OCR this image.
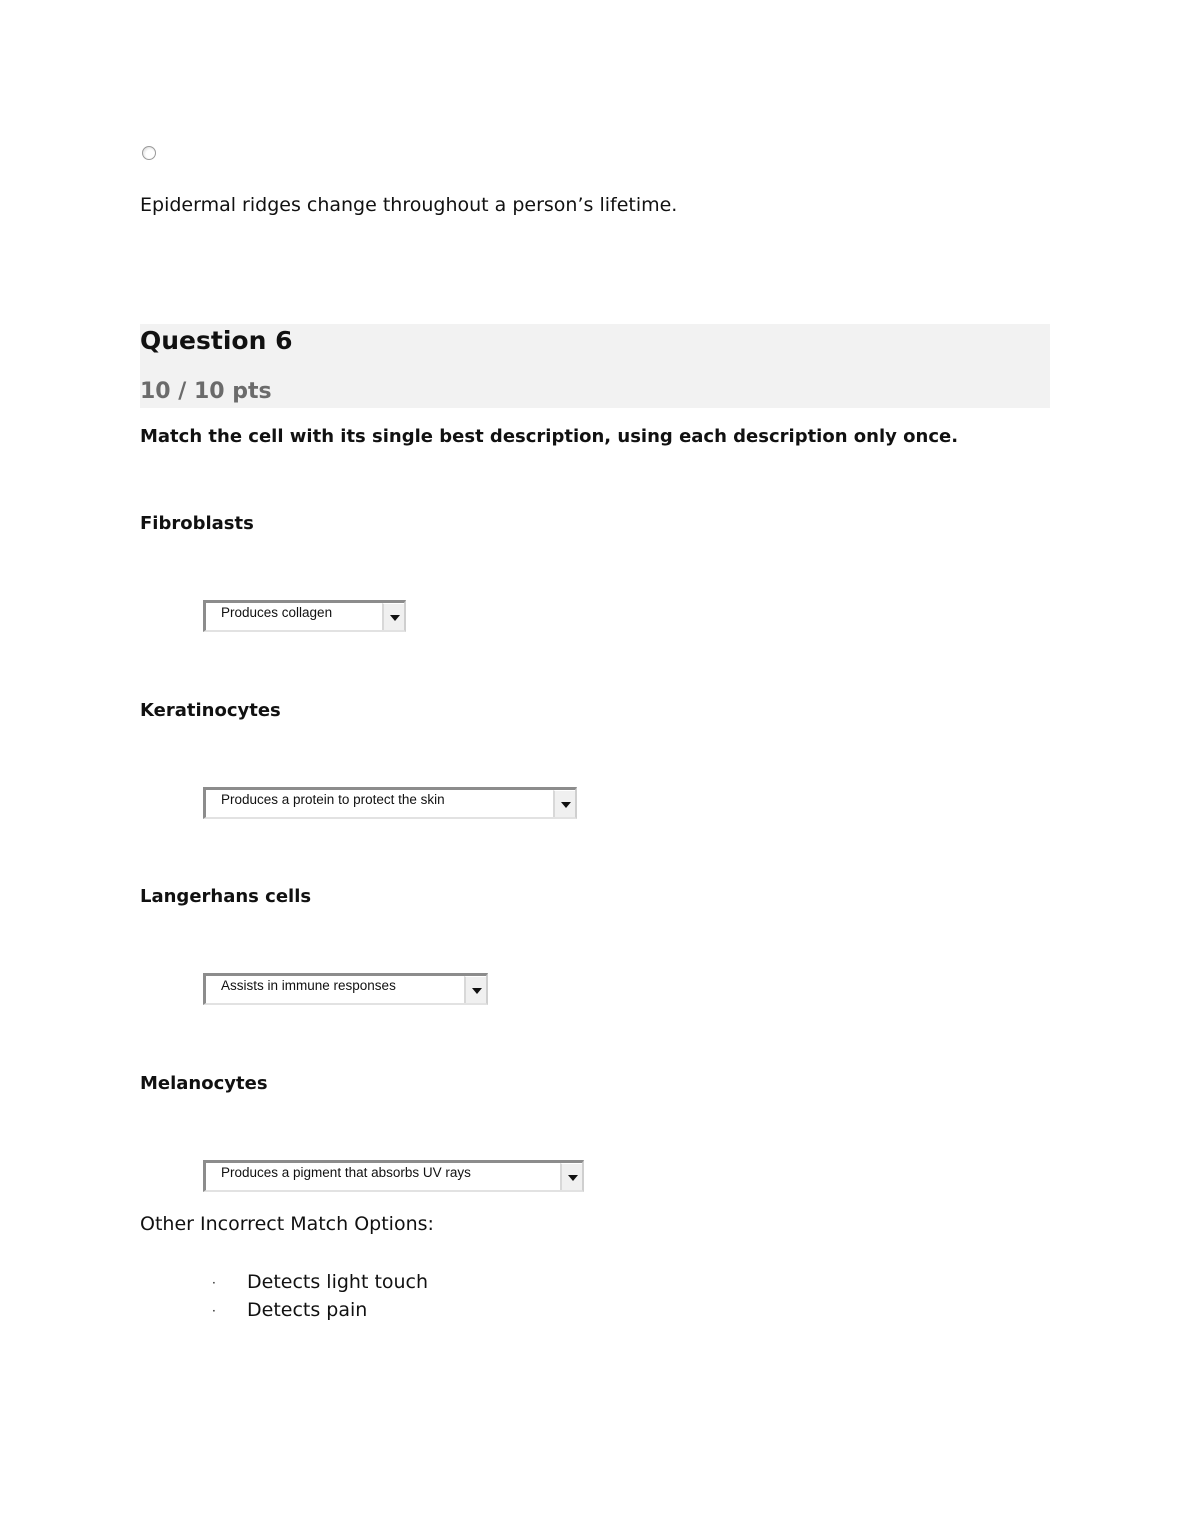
Epidermal ridges change throughout a person’s lifetime.
Question 6
10 / 10 pts
Match the cell with its single best description, using each description only once.
Fibroblasts
Produces collagen
Keratinocytes
Produces a protein to protect the skin
Langerhans cells
Assists in immune responses
Melanocytes
Produces a pigment that absorbs UV rays
Other Incorrect Match Options:
· Detects light touch
· Detects pain
